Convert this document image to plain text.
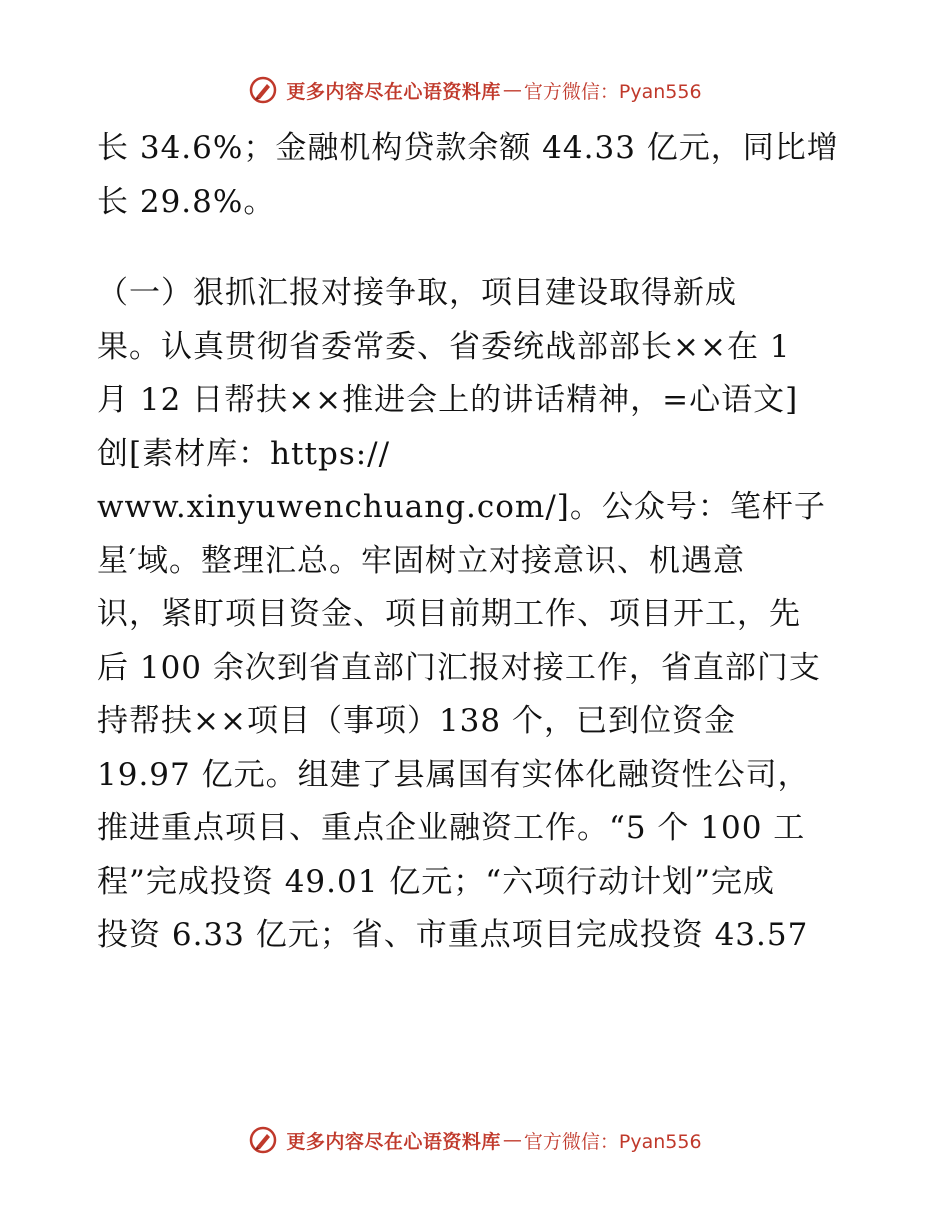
更多内容尽在心语资料库 — 官方微信：Pyan556
长 34.6%；金融机构贷款余额 44.33 亿元，同比增
长 29.8%。
（一）狠抓汇报对接争取，项目建设取得新成
果。认真贯彻省委常委、省委统战部部长××在 1
月 12 日帮扶××推进会上的讲话精神，=心语文]
创[素材库：https://
www.xinyuwenchuang.com/]。公众号：笔杆子
星′域。整理汇总。牢固树立对接意识、机遇意
识，紧盯项目资金、项目前期工作、项目开工，先
后 100 余次到省直部门汇报对接工作，省直部门支
持帮扶××项目（事项）138 个，已到位资金
19.97 亿元。组建了县属国有实体化融资性公司，
推进重点项目、重点企业融资工作。“5 个 100 工
程”完成投资 49.01 亿元；“六项行动计划”完成
投资 6.33 亿元；省、市重点项目完成投资 43.57
更多内容尽在心语资料库 — 官方微信：Pyan556
